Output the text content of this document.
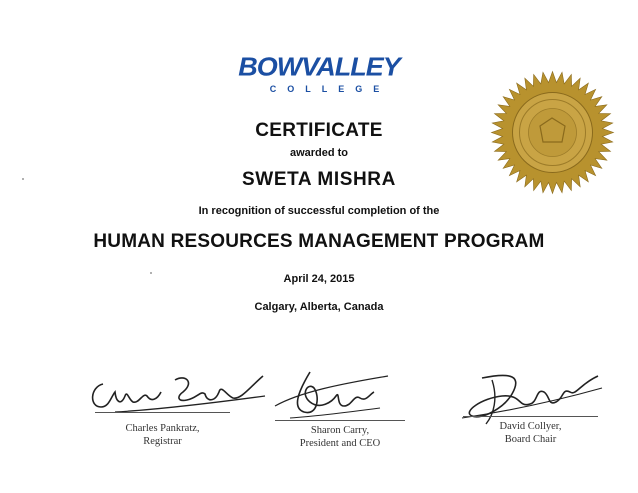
BOWVALLEY
COLLEGE
CERTIFICATE
awarded to
SWETA MISHRA
In recognition of successful completion of the
HUMAN RESOURCES MANAGEMENT PROGRAM
April 24, 2015
Calgary, Alberta, Canada
Charles Pankratz,
Registrar
Sharon Carry,
President and CEO
David Collyer,
Board Chair
